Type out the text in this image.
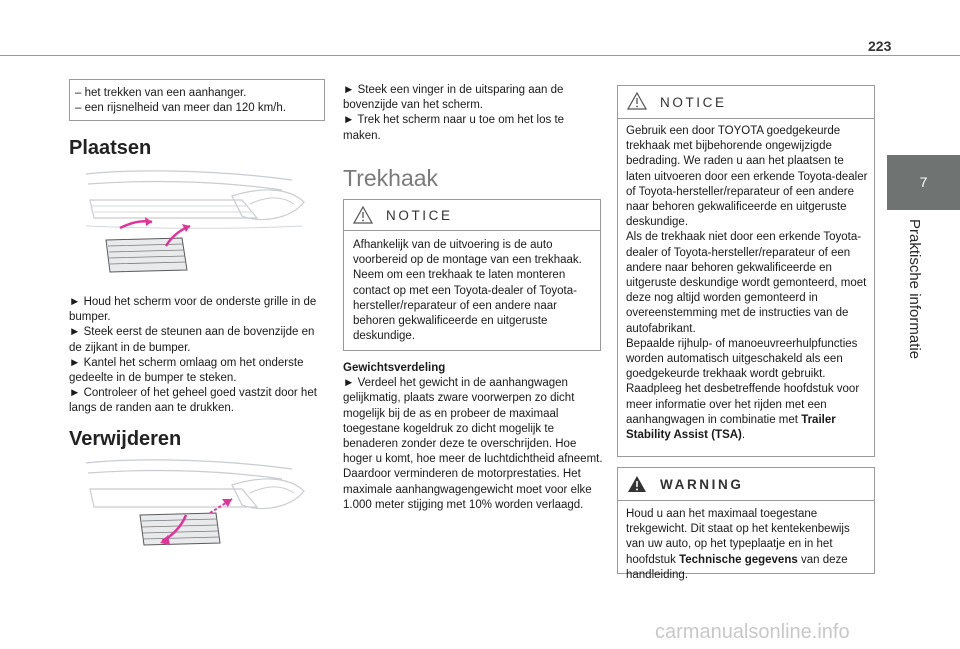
223
7
Praktische informatie

– het trekken van een aanhanger.

– een rijsnelheid van meer dan 120 km/h.

Plaatsen

► Houd het scherm voor de onderste grille in de bumper.

► Steek eerst de steunen aan de bovenzijde en de zijkant in de bumper.

► Kantel het scherm omlaag om het onderste gedeelte in de bumper te steken.

► Controleer of het geheel goed vastzit door het langs de randen aan te drukken.

Verwijderen

► Steek een vinger in de uitsparing aan de bovenzijde van het scherm.

► Trek het scherm naar u toe om het los te maken.

Trekhaak
NOTICE

Afhankelijk van de uitvoering is de auto voorbereid op de montage van een trekhaak. Neem om een trekhaak te laten monteren contact op met een Toyota-dealer of Toyota-hersteller/reparateur of een andere naar behoren gekwalificeerde en uitgeruste deskundige.

Gewichtsverdeling

► Verdeel het gewicht in de aanhangwagen gelijkmatig, plaats zware voorwerpen zo dicht mogelijk bij de as en probeer de maximaal toegestane kogeldruk zo dicht mogelijk te benaderen zonder deze te overschrijden. Hoe hoger u komt, hoe meer de luchtdichtheid afneemt. Daardoor verminderen de motorprestaties. Het maximale aanhangwagengewicht moet voor elke 1.000 meter stijging met 10% worden verlaagd.

NOTICE

Gebruik een door TOYOTA goedgekeurde trekhaak met bijbehorende ongewijzigde bedrading. We raden u aan het plaatsen te laten uitvoeren door een erkende Toyota-dealer of Toyota-hersteller/reparateur of een andere naar behoren gekwalificeerde en uitgeruste deskundige.

Als de trekhaak niet door een erkende Toyota-dealer of Toyota-hersteller/reparateur of een andere naar behoren gekwalificeerde en uitgeruste deskundige wordt gemonteerd, moet deze nog altijd worden gemonteerd in overeenstemming met de instructies van de autofabrikant.

Bepaalde rijhulp- of manoeuvreerhulpfuncties worden automatisch uitgeschakeld als een goedgekeurde trekhaak wordt gebruikt. Raadpleeg het desbetreffende hoofdstuk voor meer informatie over het rijden met een aanhangwagen in combinatie met Trailer Stability Assist (TSA).

WARNING

Houd u aan het maximaal toegestane trekgewicht. Dit staat op het kentekenbewijs van uw auto, op het typeplaatje en in het hoofdstuk Technische gegevens van deze handleiding.

carmanualsonline.info
